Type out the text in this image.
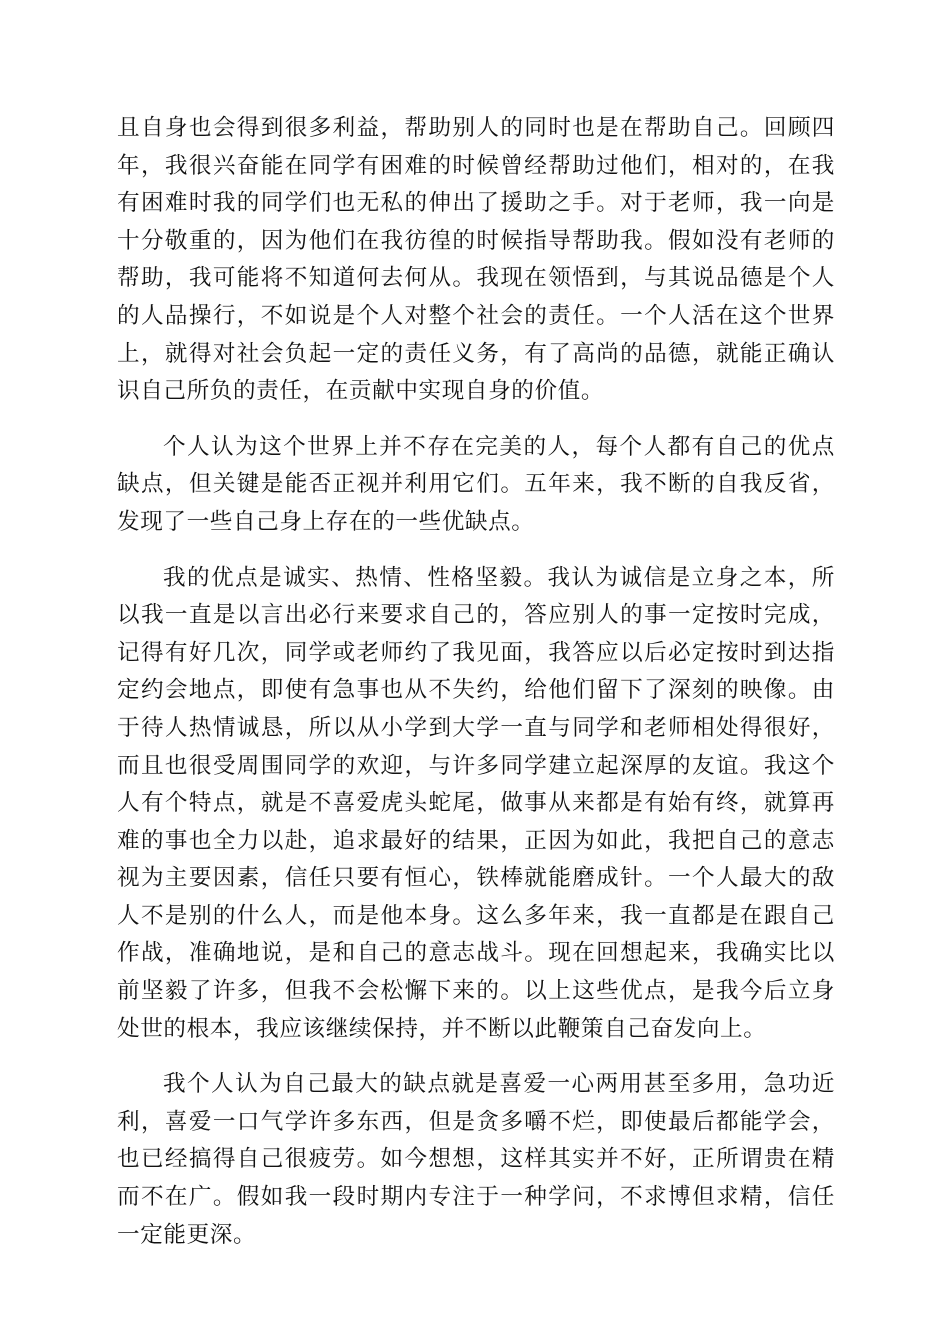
且自身也会得到很多利益，帮助别人的同时也是在帮助自己。回顾四年，我很兴奋能在同学有困难的时候曾经帮助过他们，相对的，在我有困难时我的同学们也无私的伸出了援助之手。对于老师，我一向是十分敬重的，因为他们在我彷徨的时候指导帮助我。假如没有老师的帮助，我可能将不知道何去何从。我现在领悟到，与其说品德是个人的人品操行，不如说是个人对整个社会的责任。一个人活在这个世界上，就得对社会负起一定的责任义务，有了高尚的品德，就能正确认识自己所负的责任，在贡献中实现自身的价值。

个人认为这个世界上并不存在完美的人，每个人都有自己的优点缺点，但关键是能否正视并利用它们。五年来，我不断的自我反省，发现了一些自己身上存在的一些优缺点。

我的优点是诚实、热情、性格坚毅。我认为诚信是立身之本，所以我一直是以言出必行来要求自己的，答应别人的事一定按时完成，记得有好几次，同学或老师约了我见面，我答应以后必定按时到达指定约会地点，即使有急事也从不失约，给他们留下了深刻的映像。由于待人热情诚恳，所以从小学到大学一直与同学和老师相处得很好，而且也很受周围同学的欢迎，与许多同学建立起深厚的友谊。我这个人有个特点，就是不喜爱虎头蛇尾，做事从来都是有始有终，就算再难的事也全力以赴，追求最好的结果，正因为如此，我把自己的意志视为主要因素，信任只要有恒心，铁棒就能磨成针。一个人最大的敌人不是别的什么人，而是他本身。这么多年来，我一直都是在跟自己作战，准确地说，是和自己的意志战斗。现在回想起来，我确实比以前坚毅了许多，但我不会松懈下来的。以上这些优点，是我今后立身处世的根本，我应该继续保持，并不断以此鞭策自己奋发向上。

我个人认为自己最大的缺点就是喜爱一心两用甚至多用，急功近利，喜爱一口气学许多东西，但是贪多嚼不烂，即使最后都能学会，也已经搞得自己很疲劳。如今想想，这样其实并不好，正所谓贵在精而不在广。假如我一段时期内专注于一种学问，不求博但求精，信任一定能更深。
